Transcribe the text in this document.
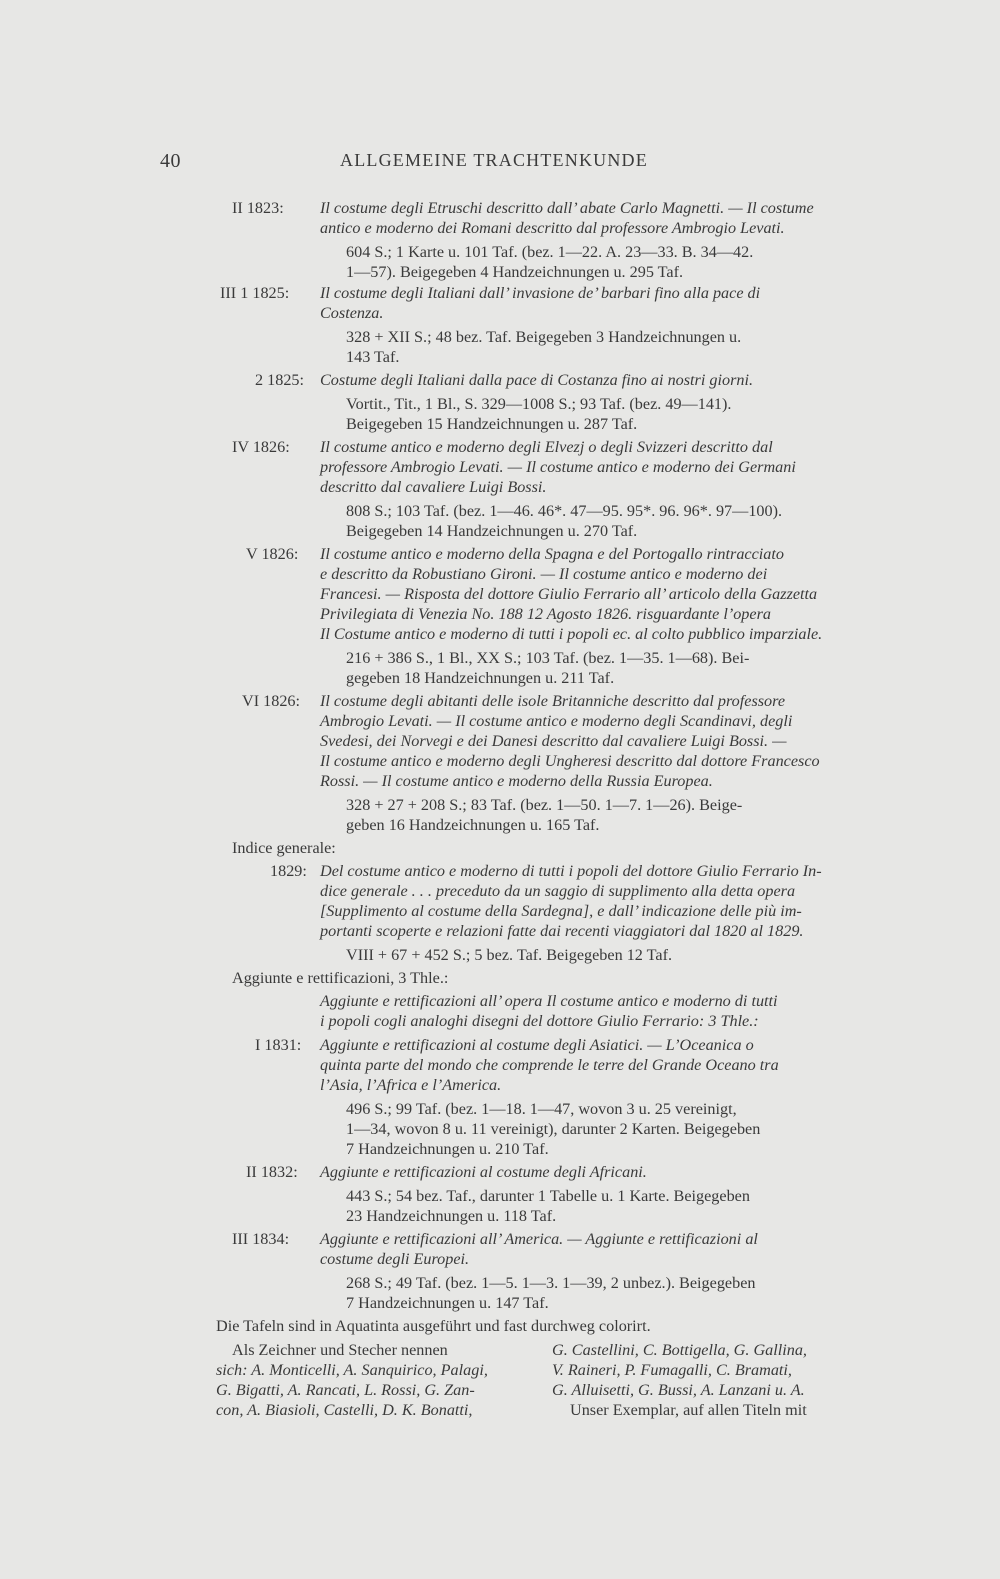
40	ALLGEMEINE TRACHTENKUNDE
II 1823: Il costume degli Etruschi descritto dall’ abate Carlo Magnetti. — Il costume
antico e moderno dei Romani descritto dal professore Ambrogio Levati.
604 S.; 1 Karte u. 101 Taf. (bez. 1—22. A. 23—33. B. 34—42.
1—57). Beigegeben 4 Handzeichnungen u. 295 Taf.
III 1 1825: Il costume degli Italiani dall’ invasione de’ barbari fino alla pace di
Costenza.
328 + XII S.; 48 bez. Taf. Beigegeben 3 Handzeichnungen u.
143 Taf.
2 1825: Costume degli Italiani dalla pace di Costanza fino ai nostri giorni.
Vortit., Tit., 1 Bl., S. 329—1008 S.; 93 Taf. (bez. 49—141).
Beigegeben 15 Handzeichnungen u. 287 Taf.
IV 1826: Il costume antico e moderno degli Elvezj o degli Svizzeri descritto dal
professore Ambrogio Levati. — Il costume antico e moderno dei Germani
descritto dal cavaliere Luigi Bossi.
808 S.; 103 Taf. (bez. 1—46. 46*. 47—95. 95*. 96. 96*. 97—100).
Beigegeben 14 Handzeichnungen u. 270 Taf.
V 1826: Il costume antico e moderno della Spagna e del Portogallo rintracciato
e descritto da Robustiano Gironi. — Il costume antico e moderno dei
Francesi. — Risposta del dottore Giulio Ferrario all’ articolo della Gazzetta
Privilegiata di Venezia No. 188 12 Agosto 1826. risguardante l’opera
Il Costume antico e moderno di tutti i popoli ec. al colto pubblico imparziale.
216 + 386 S., 1 Bl., XX S.; 103 Taf. (bez. 1—35. 1—68). Bei-
gegeben 18 Handzeichnungen u. 211 Taf.
VI 1826: Il costume degli abitanti delle isole Britanniche descritto dal professore
Ambrogio Levati. — Il costume antico e moderno degli Scandinavi, degli
Svedesi, dei Norvegi e dei Danesi descritto dal cavaliere Luigi Bossi. —
Il costume antico e moderno degli Ungheresi descritto dal dottore Francesco
Rossi. — Il costume antico e moderno della Russia Europea.
328 + 27 + 208 S.; 83 Taf. (bez. 1—50. 1—7. 1—26). Beige-
geben 16 Handzeichnungen u. 165 Taf.
Indice generale:
1829: Del costume antico e moderno di tutti i popoli del dottore Giulio Ferrario In-
dice generale . . . preceduto da un saggio di supplimento alla detta opera
[Supplimento al costume della Sardegna], e dall’ indicazione delle più im-
portanti scoperte e relazioni fatte dai recenti viaggiatori dal 1820 al 1829.
VIII + 67 + 452 S.; 5 bez. Taf. Beigegeben 12 Taf.
Aggiunte e rettificazioni, 3 Thle.:
Aggiunte e rettificazioni all’ opera Il costume antico e moderno di tutti
i popoli cogli analoghi disegni del dottore Giulio Ferrario: 3 Thle.:
I 1831: Aggiunte e rettificazioni al costume degli Asiatici. — L’Oceanica o
quinta parte del mondo che comprende le terre del Grande Oceano tra
l’Asia, l’Africa e l’America.
496 S.; 99 Taf. (bez. 1—18. 1—47, wovon 3 u. 25 vereinigt,
1—34, wovon 8 u. 11 vereinigt), darunter 2 Karten. Beigegeben
7 Handzeichnungen u. 210 Taf.
II 1832: Aggiunte e rettificazioni al costume degli Africani.
443 S.; 54 bez. Taf., darunter 1 Tabelle u. 1 Karte. Beigegeben
23 Handzeichnungen u. 118 Taf.
III 1834: Aggiunte e rettificazioni all’ America. — Aggiunte e rettificazioni al
costume degli Europei.
268 S.; 49 Taf. (bez. 1—5. 1—3. 1—39, 2 unbez.). Beigegeben
7 Handzeichnungen u. 147 Taf.
Die Tafeln sind in Aquatinta ausgeführt und fast durchweg colorirt.
Als Zeichner und Stecher nennen
sich: A. Monticelli, A. Sanquirico, Palagi,
G. Bigatti, A. Rancati, L. Rossi, G. Zan-
con, A. Biasioli, Castelli, D. K. Bonatti,
G. Castellini, C. Bottigella, G. Gallina,
V. Raineri, P. Fumagalli, C. Bramati,
G. Alluisetti, G. Bussi, A. Lanzani u. A.
Unser Exemplar, auf allen Titeln mit
